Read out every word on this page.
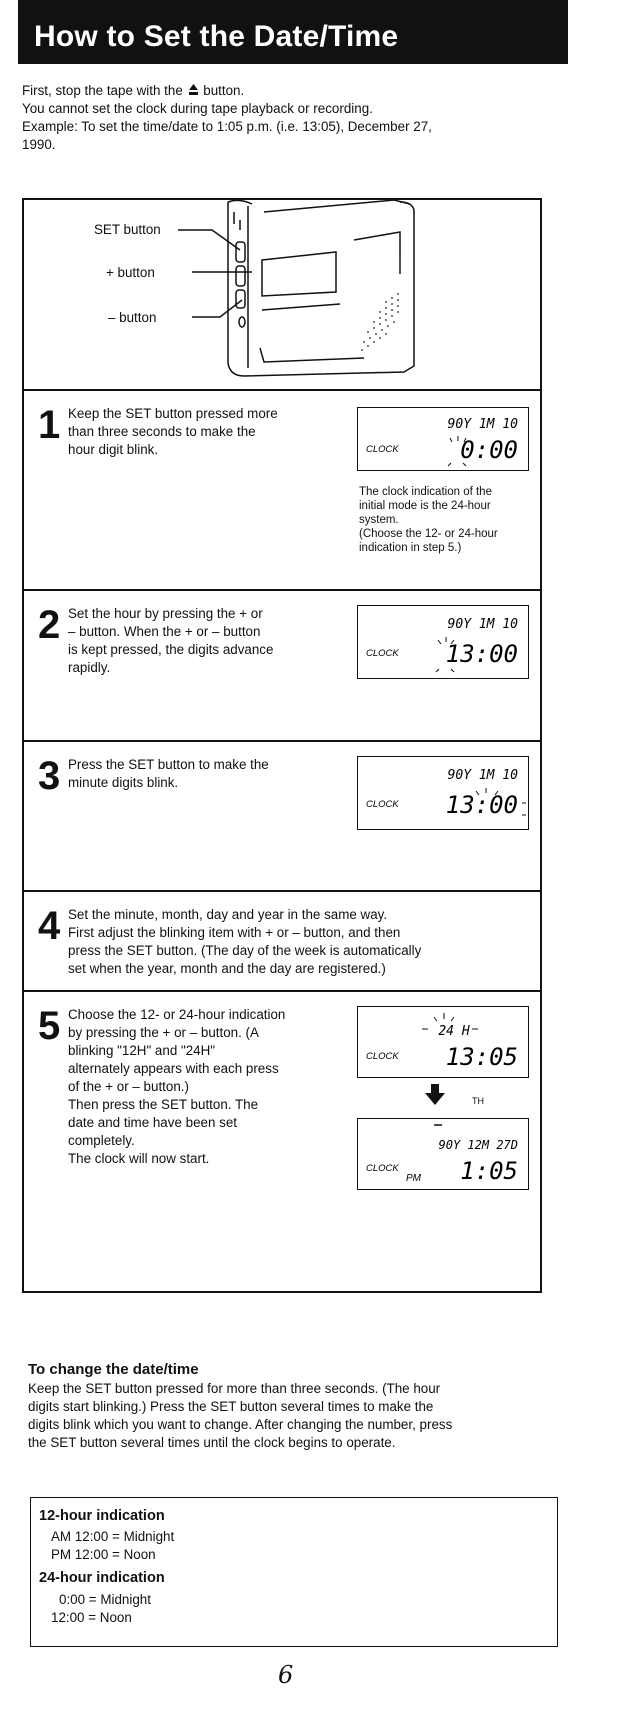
How to Set the Date/Time

First, stop the tape with the button.

You cannot set the clock during tape playback or recording.

Example: To set the time/date to 1:05 p.m. (i.e. 13:05), December 27,

1990.

SET button
+ button
– button
1 Keep the SET button pressed more
than three seconds to make the
hour digit blink.
90Y 1M 10
CLOCK	0:00
The clock indication of the
initial mode is the 24-hour
system.
(Choose the 12- or 24-hour
indication in step 5.)
2 Set the hour by pressing the + or
– button. When the + or – button
is kept pressed, the digits advance
rapidly.
90Y 1M 10
CLOCK 13:00
3 Press the SET button to make the
minute digits blink.	90Y 1M 10
CLOCK 13:00
4 Set the minute, month, day and year in the same way.
First adjust the blinking item with + or – button, and then
press the SET button. (The day of the week is automatically
set when the year, month and the day are registered.)
5 Choose the 12- or 24-hour indication
by pressing the + or – button. (A
blinking "12H" and "24H"
alternately appears with each press
of the + or – button.)
Then press the SET button. The
date and time have been set
completely.
The clock will now start.
24 H
CLOCK 13:05
TH
90Y 12M 27D
CLOCK
PM 1:05
To change the date/time
Keep the SET button pressed for more than three seconds. (The hour
digits start blinking.) Press the SET button several times to make the
digits blink which you want to change. After changing the number, press
the SET button several times until the clock begins to operate.
12-hour indication
AM 12:00 = Midnight
PM 12:00 = Noon
24-hour indication
0:00 = Midnight
12:00 = Noon
6
